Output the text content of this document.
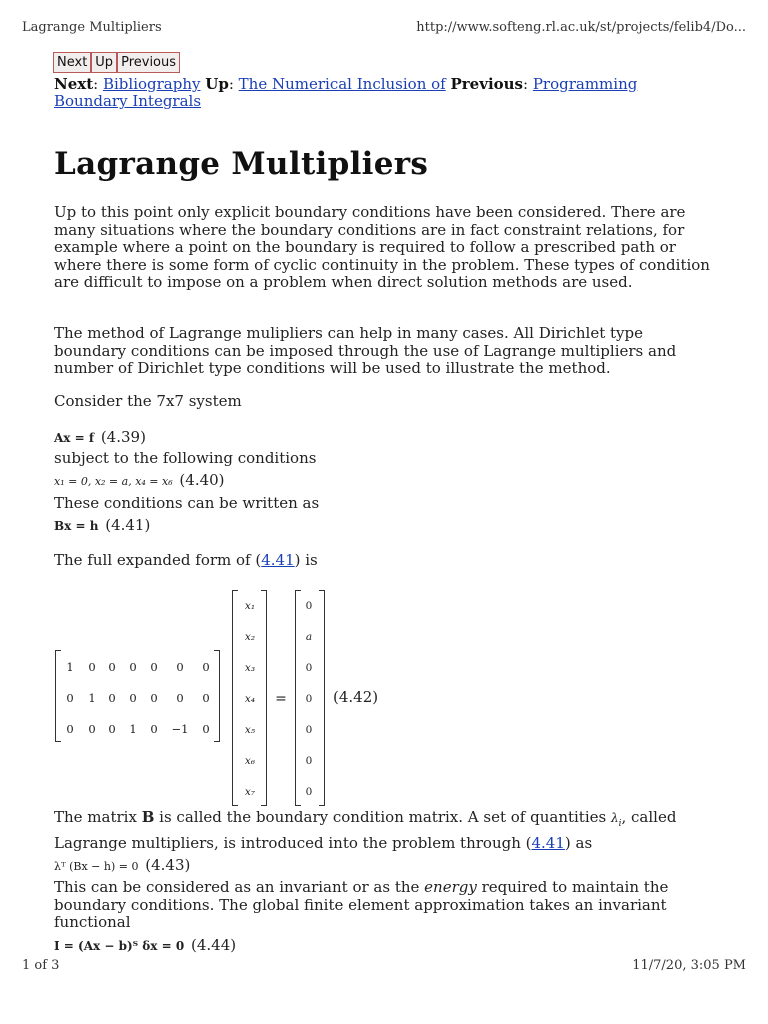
Lagrange Multipliers	http://www.softeng.rl.ac.uk/st/projects/felib4/Do...
Next Up Previous
Next: Bibliography Up: The Numerical Inclusion of Previous: Programming
Boundary Integrals
Lagrange Multipliers
Up to this point only explicit boundary conditions have been considered. There are many situations where the boundary conditions are in fact constraint relations, for example where a point on the boundary is required to follow a prescribed path or where there is some form of cyclic continuity in the problem. These types of condition are difficult to impose on a problem when direct solution methods are used.
The method of Lagrange mulipliers can help in many cases. All Dirichlet type boundary conditions can be imposed through the use of Lagrange multipliers and number of Dirichlet type conditions will be used to illustrate the method.
Consider the 7x7 system
Ax = f (4.39)
subject to the following conditions
x₁ = 0, x₂ = a, x₄ = x₆ (4.40)
These conditions can be written as
Bx = h (4.41)
The full expanded form of (4.41) is
1	0	0	0	0	0	0
0	1	0	0	0	0	0
0	0	0	1	0	−1	0
x₁
x₂
x₃
x₄
x₅
x₆
x₇
=
0
a
0
0
0
0
0
(4.42)
The matrix B is called the boundary condition matrix. A set of quantities $\lambda_i$, called
Lagrange multipliers, is introduced into the problem through (4.41) as
λᵀ (Bx − h) = 0 (4.43)
This can be considered as an invariant or as the energy required to maintain the boundary conditions. The global finite element approximation takes an invariant functional
I = (Ax − b)ᵀ δx = 0 (4.44)
1 of 3	11/7/20, 3:05 PM
